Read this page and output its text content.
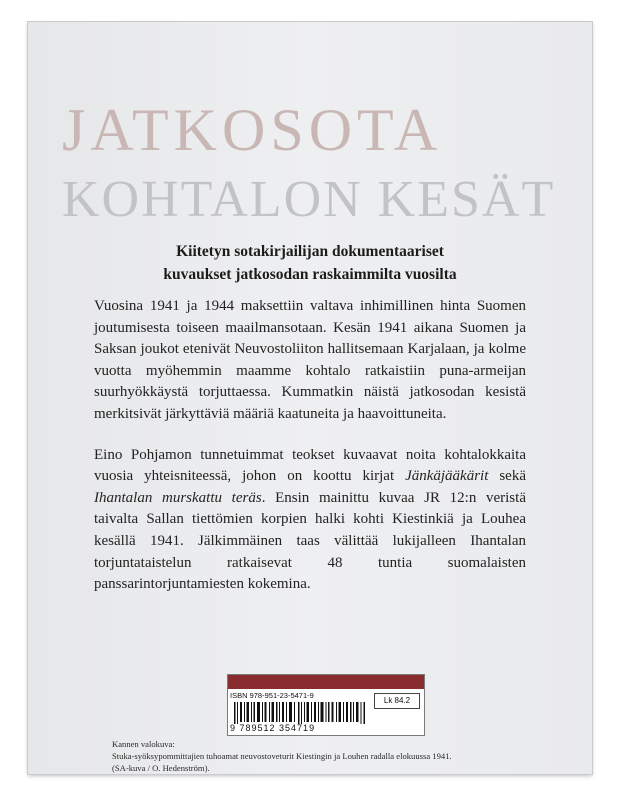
JATKOSOTA
KOHTALON KESÄT
Kiitetyn sotakirjailijan dokumentaariset
kuvaukset jatkosodan raskaimmilta vuosilta

Vuosina 1941 ja 1944 maksettiin valtava inhimillinen hinta Suomen joutumisesta toiseen maailmansotaan. Kesän 1941 aikana Suomen ja Saksan joukot etenivät Neuvostoliiton hallitsemaan Karjalaan, ja kolme vuotta myöhemmin maamme kohtalo ratkaistiin puna-armeijan suurhyökkäystä torjuttaessa. Kummatkin näistä jatkosodan kesistä merkitsivät järkyttäviä määriä kaatuneita ja haavoittuneita.

Eino Pohjamon tunnetuimmat teokset kuvaavat noita kohtalokkaita vuosia yhteisniteessä, johon on koottu kirjat Jänkäjääkärit sekä Ihantalan murskattu teräs. Ensin mainittu kuvaa JR 12:n veristä taivalta Sallan tiettömien korpien halki kohti Kiestinkiä ja Louhea kesällä 1941. Jälkimmäinen taas välittää lukijalleen Ihantalan torjuntataistelun ratkaisevat 48 tuntia suomalaisten panssarintorjuntamiesten kokemina.

ISBN 978-951-23-5471-9
Lk 84.2
9 789512 354719
Kannen valokuva:
Stuka-syöksypommittajien tuhoamat neuvostoveturit Kiestingin ja Louhen radalla elokuussa 1941.
(SA-kuva / O. Hedenström).
